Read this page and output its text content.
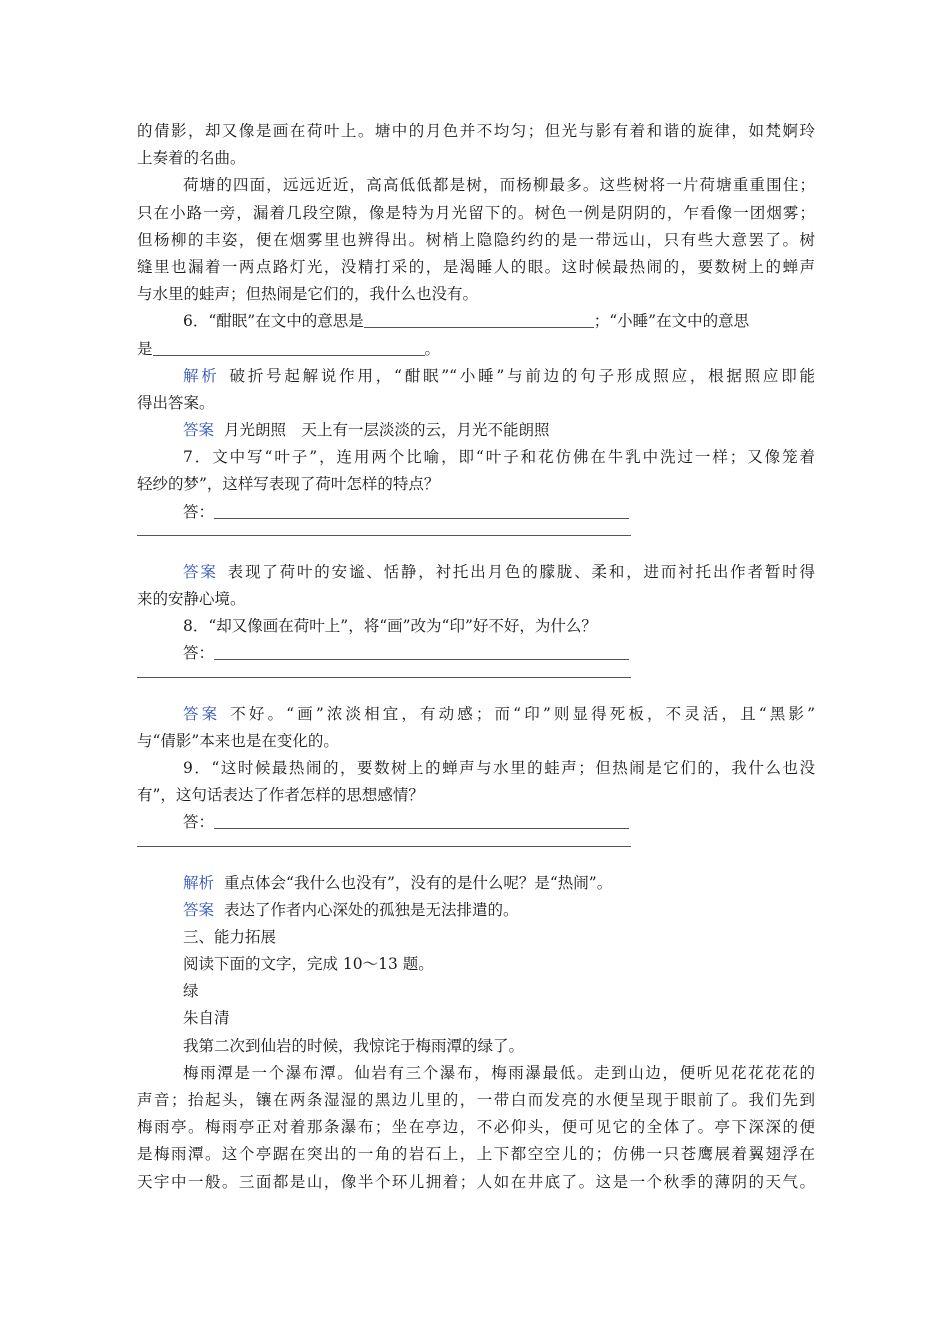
的倩影，却又像是画在荷叶上。塘中的月色并不均匀；但光与影有着和谐的旋律，如梵婀玲
上奏着的名曲。
荷塘的四面，远远近近，高高低低都是树，而杨柳最多。这些树将一片荷塘重重围住；
只在小路一旁，漏着几段空隙，像是特为月光留下的。树色一例是阴阴的，乍看像一团烟雾；
但杨柳的丰姿，便在烟雾里也辨得出。树梢上隐隐约约的是一带远山，只有些大意罢了。树
缝里也漏着一两点路灯光，没精打采的，是渴睡人的眼。这时候最热闹的，要数树上的蝉声
与水里的蛙声；但热闹是它们的，我什么也没有。
6．“酣眠”在文中的意思是	；“小睡”在文中的意思
是	。
解析 破折号起解说作用，“酣眠”“小睡”与前边的句子形成照应，根据照应即能
得出答案。
答案 月光朗照　天上有一层淡淡的云，月光不能朗照
7．文中写“叶子”，连用两个比喻，即“叶子和花仿佛在牛乳中洗过一样；又像笼着
轻纱的梦”，这样写表现了荷叶怎样的特点？
答：
答案 表现了荷叶的安谧、恬静，衬托出月色的朦胧、柔和，进而衬托出作者暂时得
来的安静心境。
8．“却又像画在荷叶上”，将“画”改为“印”好不好，为什么？
答：
答案 不好。“画”浓淡相宜，有动感；而“印”则显得死板，不灵活，且“黑影”
与“倩影”本来也是在变化的。
9．“这时候最热闹的，要数树上的蝉声与水里的蛙声；但热闹是它们的，我什么也没
有”，这句话表达了作者怎样的思想感情？
答：
解析 重点体会“我什么也没有”，没有的是什么呢？是“热闹”。
答案 表达了作者内心深处的孤独是无法排遣的。
三、能力拓展
阅读下面的文字，完成 10～13 题。
绿
朱自清
我第二次到仙岩的时候，我惊诧于梅雨潭的绿了。
梅雨潭是一个瀑布潭。仙岩有三个瀑布，梅雨瀑最低。走到山边，便听见花花花花的
声音；抬起头，镶在两条湿湿的黑边儿里的，一带白而发亮的水便呈现于眼前了。我们先到
梅雨亭。梅雨亭正对着那条瀑布；坐在亭边，不必仰头，便可见它的全体了。亭下深深的便
是梅雨潭。这个亭踞在突出的一角的岩石上，上下都空空儿的；仿佛一只苍鹰展着翼翅浮在
天宇中一般。三面都是山，像半个环儿拥着；人如在井底了。这是一个秋季的薄阴的天气。
